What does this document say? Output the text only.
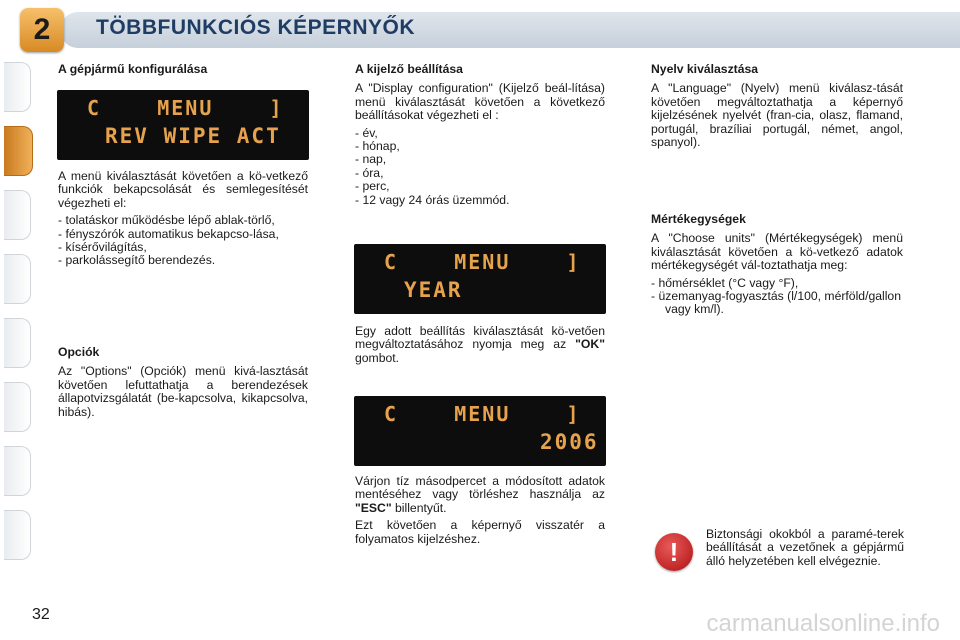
2 TÖBBFUNKCIÓS KÉPERNYŐK
A gépjármű konfigurálása
C    MENU    ]
REV WIPE ACT

A menü kiválasztását követően a kö-vetkező funkciók bekapcsolását és semlegesítését végezheti el:

- tolatáskor működésbe lépő ablak-törlő,
- fényszórók automatikus bekapcso-lása,
- kísérővilágítás,
- parkolássegítő berendezés.
Opciók

Az "Options" (Opciók) menü kivá-lasztását követően lefuttathatja a berendezések állapotvizsgálatát (be-kapcsolva, kikapcsolva, hibás).

A kijelző beállítása

A "Display configuration" (Kijelző beál-lítása) menü kiválasztását követően a következő beállításokat végezheti el :

- év,
- hónap,
- nap,
- óra,
- perc,
- 12 vagy 24 órás üzemmód.
C    MENU    ]
YEAR

Egy adott beállítás kiválasztását kö-vetően megváltoztatásához nyomja meg az "OK" gombot.

C    MENU    ]
2006

Várjon tíz másodpercet a módosított adatok mentéséhez vagy törléshez használja az "ESC" billentyűt.

Ezt követően a képernyő visszatér a folyamatos kijelzéshez.

Nyelv kiválasztása

A "Language" (Nyelv) menü kiválasz-tását követően megváltoztathatja a képernyő kijelzésének nyelvét (fran-cia, olasz, flamand, portugál, brazíliai portugál, német, angol, spanyol).

Mértékegységek

A "Choose units" (Mértékegységek) menü kiválasztását követően a kö-vetkező adatok mértékegységét vál-toztathatja meg:

- hőmérséklet (°C vagy °F),
- üzemanyag-fogyasztás (l/100, mérföld/gallon vagy km/l).
!

Biztonsági okokból a paramé-terek beállítását a vezetőnek a gépjármű álló helyzetében kell elvégeznie.

32	carmanualsonline.info
